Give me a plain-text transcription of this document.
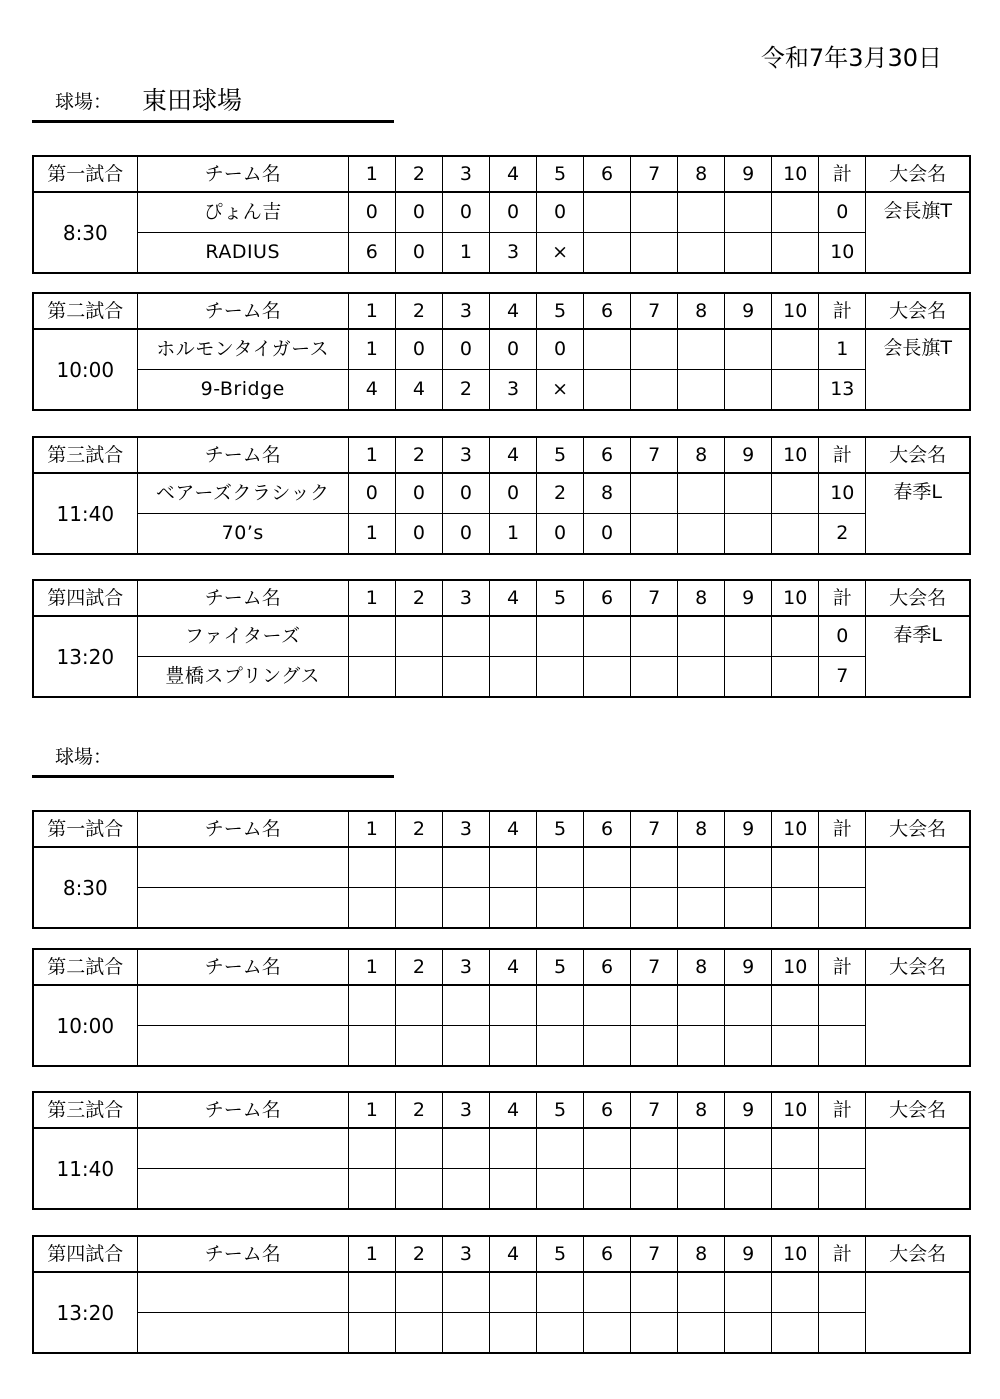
令和7年3月30日
球場： 東田球場
第一試合	チーム名	1	2	3	4	5	6	7	8	9	10	計	大会名
8:30	ぴょん吉	0	0	0	0	0						0	会長旗T
	RADIUS	6	0	1	3	×						10	
第二試合	チーム名	1	2	3	4	5	6	7	8	9	10	計	大会名
10:00	ホルモンタイガース	1	0	0	0	0						1	会長旗T
	9-Bridge	4	4	2	3	×						13	
第三試合	チーム名	1	2	3	4	5	6	7	8	9	10	計	大会名
11:40	ベアーズクラシック	0	0	0	0	2	8					10	春季L
	70’s	1	0	0	1	0	0					2	
第四試合	チーム名	1	2	3	4	5	6	7	8	9	10	計	大会名
13:20	ファイターズ											0	春季L
	豊橋スプリングス											7	
球場：
第一試合	チーム名	1	2	3	4	5	6	7	8	9	10	計	大会名
8:30													

第二試合	チーム名	1	2	3	4	5	6	7	8	9	10	計	大会名
10:00													

第三試合	チーム名	1	2	3	4	5	6	7	8	9	10	計	大会名
11:40													

第四試合	チーム名	1	2	3	4	5	6	7	8	9	10	計	大会名
13:20													
